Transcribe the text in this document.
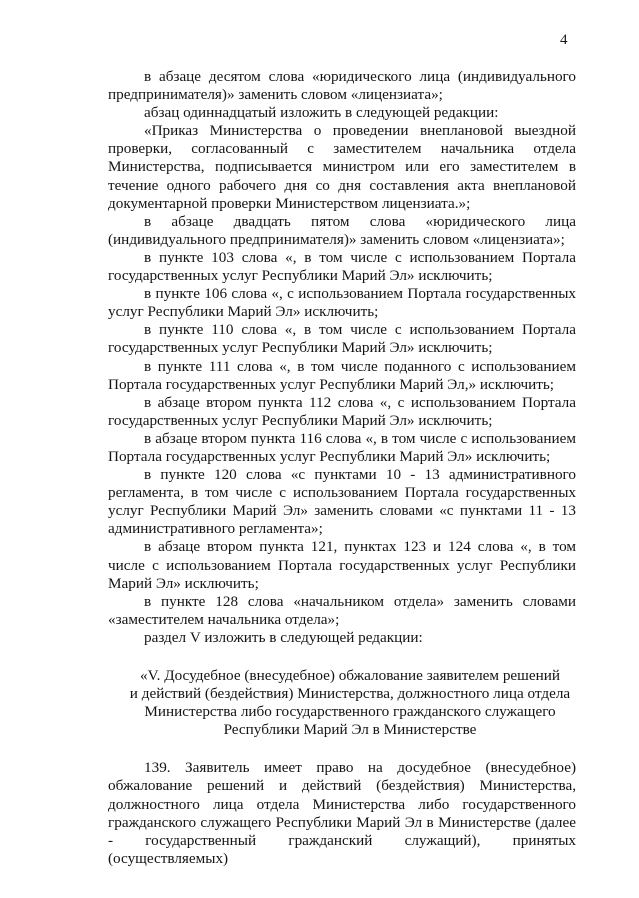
4

в абзаце десятом слова «юридического лица (индивидуального предпринимателя)» заменить словом «лицензиата»;

абзац одиннадцатый изложить в следующей редакции:

«Приказ Министерства о проведении внеплановой выездной проверки, согласованный с заместителем начальника отдела Министерства, подписывается министром или его заместителем в течение одного рабочего дня со дня составления акта внеплановой документарной проверки Министерством лицензиата.»;

в абзаце двадцать пятом слова «юридического лица (индивидуального предпринимателя)» заменить словом «лицензиата»;

в пункте 103 слова «, в том числе с использованием Портала государственных услуг Республики Марий Эл» исключить;

в пункте 106 слова «, с использованием Портала государственных услуг Республики Марий Эл» исключить;

в пункте 110 слова «, в том числе с использованием Портала государственных услуг Республики Марий Эл» исключить;

в пункте 111 слова «, в том числе поданного с использованием Портала государственных услуг Республики Марий Эл,» исключить;

в абзаце втором пункта 112 слова «, с использованием Портала государственных услуг Республики Марий Эл» исключить;

в абзаце втором пункта 116 слова «, в том числе с использованием Портала государственных услуг Республики Марий Эл» исключить;

в пункте 120 слова «с пунктами 10 - 13 административного регламента, в том числе с использованием Портала государственных услуг Республики Марий Эл» заменить словами «с пунктами 11 - 13 административного регламента»;

в абзаце втором пункта 121, пунктах 123 и 124 слова «, в том числе с использованием Портала государственных услуг Республики Марий Эл» исключить;

в пункте 128 слова «начальником отдела» заменить словами «заместителем начальника отдела»;

раздел V изложить в следующей редакции:

«V. Досудебное (внесудебное) обжалование заявителем решений
и действий (бездействия) Министерства, должностного лица отдела
Министерства либо государственного гражданского служащего
Республики Марий Эл в Министерстве

139. Заявитель имеет право на досудебное (внесудебное) обжалование решений и действий (бездействия) Министерства, должностного лица отдела Министерства либо государственного гражданского служащего Республики Марий Эл в Министерстве (далее - государственный гражданский служащий), принятых (осуществляемых)
